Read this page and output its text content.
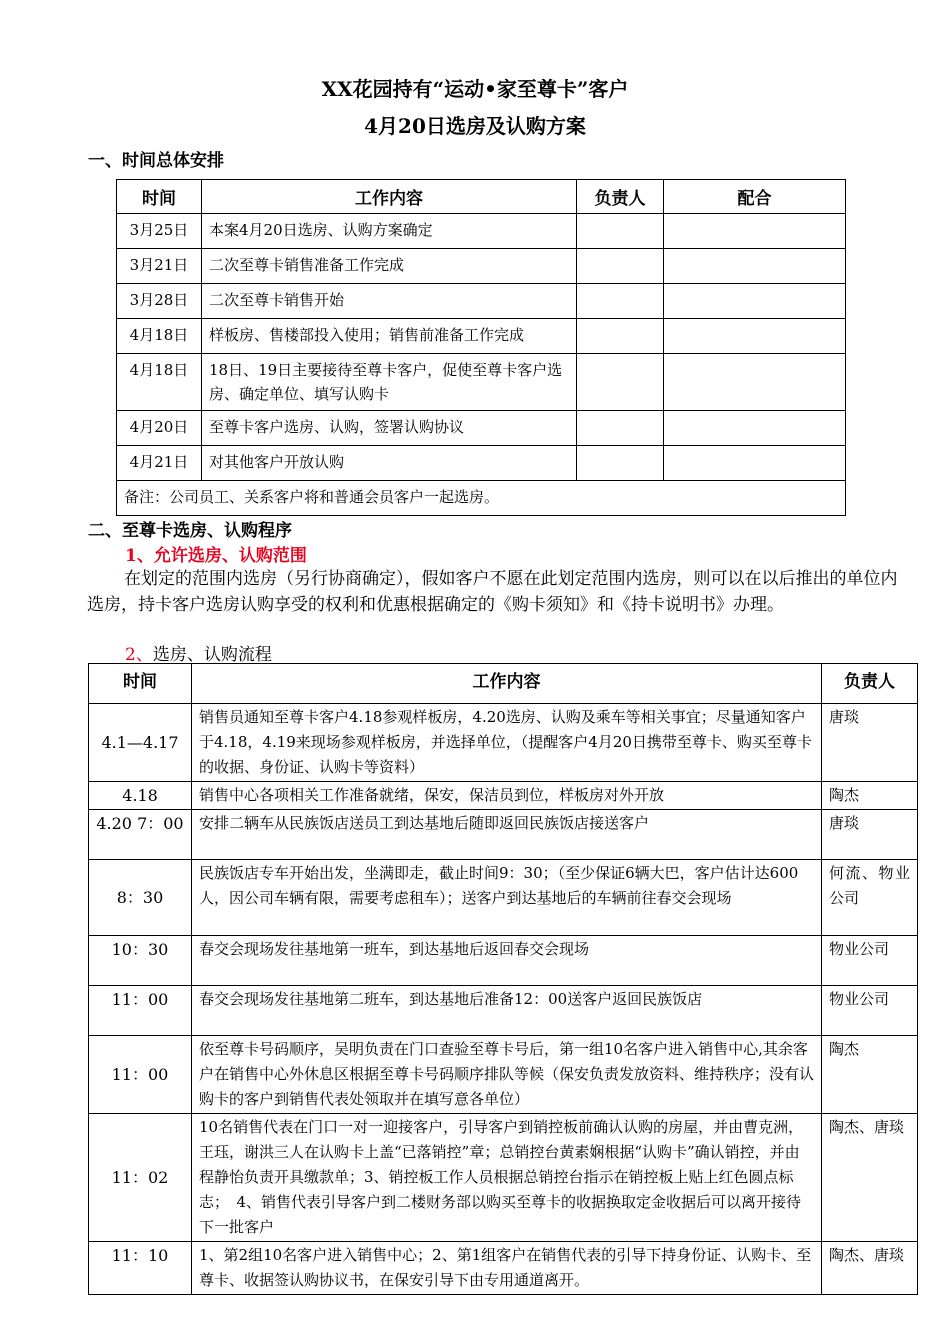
XX花园持有“运动•家至尊卡”客户
4月20日选房及认购方案
一、时间总体安排
时间	工作内容	负责人	配合
3月25日	本案4月20日选房、认购方案确定		
3月21日	二次至尊卡销售准备工作完成		
3月28日	二次至尊卡销售开始		
4月18日	样板房、售楼部投入使用；销售前准备工作完成		
4月18日	18日、19日主要接待至尊卡客户，促使至尊卡客户选房、确定单位、填写认购卡		
4月20日	至尊卡客户选房、认购，签署认购协议		
4月21日	对其他客户开放认购		
备注：公司员工、关系客户将和普通会员客户一起选房。			
二、至尊卡选房、认购程序
1、允许选房、认购范围
在划定的范围内选房（另行协商确定），假如客户不愿在此划定范围内选房，则可以在以后推出的单位内选房，持卡客户选房认购享受的权利和优惠根据确定的《购卡须知》和《持卡说明书》办理。
2、选房、认购流程
时间	工作内容	负责人
4.1—4.17	销售员通知至尊卡客户4.18参观样板房，4.20选房、认购及乘车等相关事宜；尽量通知客户于4.18，4.19来现场参观样板房，并选择单位，（提醒客户4月20日携带至尊卡、购买至尊卡的收据、身份证、认购卡等资料）	唐琰
4.18	销售中心各项相关工作准备就绪，保安，保洁员到位，样板房对外开放	陶杰
4.20 7：00	安排二辆车从民族饭店送员工到达基地后随即返回民族饭店接送客户	唐琰
8：30	民族饭店专车开始出发，坐满即走，截止时间9：30；（至少保证6辆大巴，客户估计达600人，因公司车辆有限，需要考虑租车）；送客户到达基地后的车辆前往春交会现场	何流、物业公司
10：30	春交会现场发往基地第一班车，到达基地后返回春交会现场	物业公司
11：00	春交会现场发往基地第二班车，到达基地后准备12：00送客户返回民族饭店	物业公司
11：00	依至尊卡号码顺序，吴明负责在门口查验至尊卡号后，第一组10名客户进入销售中心,其余客户在销售中心外休息区根据至尊卡号码顺序排队等候（保安负责发放资料、维持秩序；没有认购卡的客户到销售代表处领取并在填写意各单位）	陶杰
11：02	10名销售代表在门口一对一迎接客户，引导客户到销控板前确认认购的房屋，并由曹克洲，王珏，谢洪三人在认购卡上盖“已落销控”章；总销控台黄素娴根据“认购卡”确认销控，并由程静怡负责开具缴款单；3、销控板工作人员根据总销控台指示在销控板上贴上红色圆点标志；　4、销售代表引导客户到二楼财务部以购买至尊卡的收据换取定金收据后可以离开接待下一批客户	陶杰、唐琰
11：10	1、第2组10名客户进入销售中心；2、第1组客户在销售代表的引导下持身份证、认购卡、至尊卡、收据签认购协议书，在保安引导下由专用通道离开。	陶杰、唐琰
